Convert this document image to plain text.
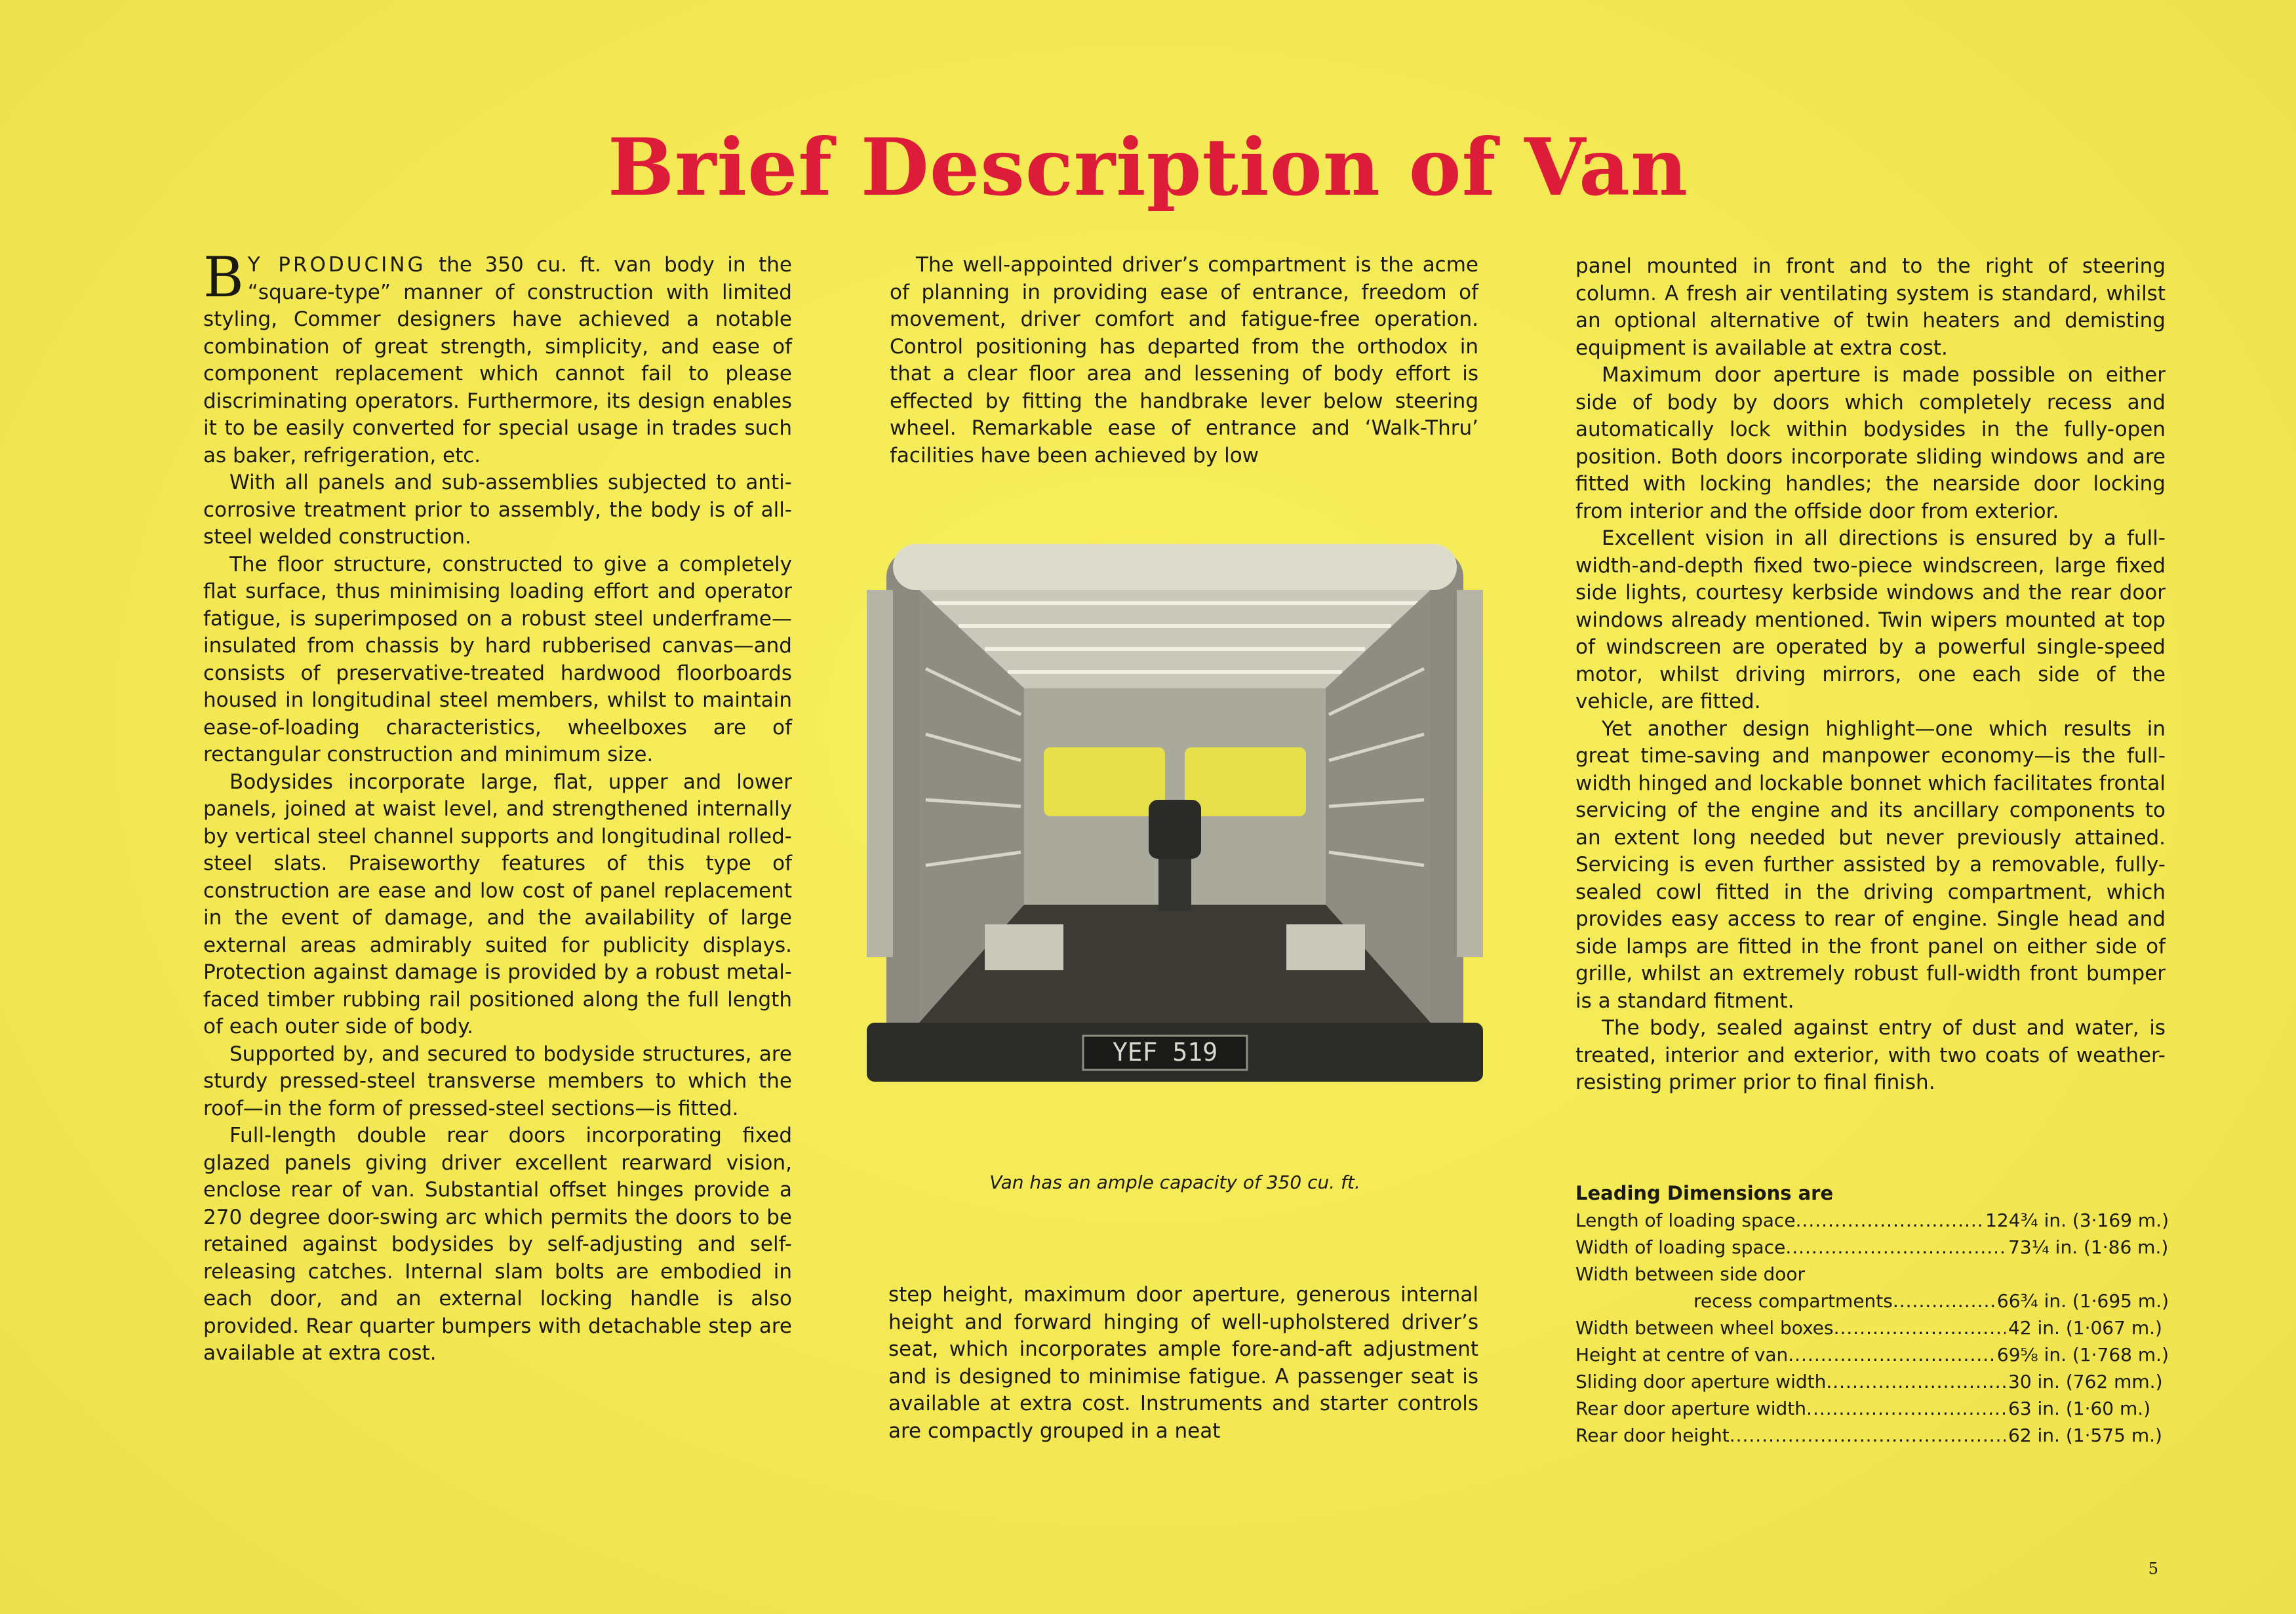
Brief Description of Van

B Y PRODUCING the 350 cu. ft. van body in the “square-type” manner of construction with limited styling, Commer designers have achieved a notable combination of great strength, simplicity, and ease of component replacement which cannot fail to please discriminating operators. Furthermore, its design enables it to be easily converted for special usage in trades such as baker, refrigeration, etc.

With all panels and sub-assemblies subjected to anti-corrosive treatment prior to assembly, the body is of all-steel welded construction.

The floor structure, constructed to give a completely flat surface, thus minimising loading effort and operator fatigue, is superimposed on a robust steel underframe—insulated from chassis by hard rubberised canvas—and consists of preservative-treated hardwood floorboards housed in longitudinal steel members, whilst to maintain ease-of-loading characteristics, wheelboxes are of rectangular construction and minimum size.

Bodysides incorporate large, flat, upper and lower panels, joined at waist level, and strengthened internally by vertical steel channel supports and longitudinal rolled-steel slats. Praiseworthy features of this type of construction are ease and low cost of panel replacement in the event of damage, and the availability of large external areas admirably suited for publicity displays. Protection against damage is provided by a robust metal-faced timber rubbing rail positioned along the full length of each outer side of body.

Supported by, and secured to bodyside structures, are sturdy pressed-steel transverse members to which the roof—in the form of pressed-steel sections—is fitted.

Full-length double rear doors incorporating fixed glazed panels giving driver excellent rearward vision, enclose rear of van. Substantial offset hinges provide a 270 degree door-swing arc which permits the doors to be retained against bodysides by self-adjusting and self-releasing catches. Internal slam bolts are embodied in each door, and an external locking handle is also provided. Rear quarter bumpers with detachable step are available at extra cost.

The well-appointed driver’s compartment is the acme of planning in providing ease of entrance, freedom of movement, driver comfort and fatigue-free operation. Control positioning has departed from the orthodox in that a clear floor area and lessening of body effort is effected by fitting the handbrake lever below steering wheel. Remarkable ease of entrance and ‘Walk-Thru’ facilities have been achieved by low

YEF 519
Van has an ample capacity of 350 cu. ft.

step height, maximum door aperture, generous internal height and forward hinging of well-upholstered driver’s seat, which incorporates ample fore-and-aft adjustment and is designed to minimise fatigue. A passenger seat is available at extra cost. Instruments and starter controls are compactly grouped in a neat

panel mounted in front and to the right of steering column. A fresh air ventilating system is standard, whilst an optional alternative of twin heaters and demisting equipment is available at extra cost.

Maximum door aperture is made possible on either side of body by doors which completely recess and automatically lock within bodysides in the fully-open position. Both doors incorporate sliding windows and are fitted with locking handles; the nearside door locking from interior and the offside door from exterior.

Excellent vision in all directions is ensured by a full-width-and-depth fixed two-piece windscreen, large fixed side lights, courtesy kerbside windows and the rear door windows already mentioned. Twin wipers mounted at top of windscreen are operated by a powerful single-speed motor, whilst driving mirrors, one each side of the vehicle, are fitted.

Yet another design highlight—one which results in great time-saving and manpower economy—is the full-width hinged and lockable bonnet which facilitates frontal servicing of the engine and its ancillary components to an extent long needed but never previously attained. Servicing is even further assisted by a removable, fully-sealed cowl fitted in the driving compartment, which provides easy access to rear of engine. Single head and side lamps are fitted in the front panel on either side of grille, whilst an extremely robust full-width front bumper is a standard fitment.

The body, sealed against entry of dust and water, is treated, interior and exterior, with two coats of weather-resisting primer prior to final finish.

Leading Dimensions are
Length of loading space .....	124¾ in. (3·169 m.)
Width of loading space .....	73¼ in. (1·86 m.)
Width between side door
recess compartments .....	66¾ in. (1·695 m.)
Width between wheel boxes .....	42 in. (1·067 m.)
Height at centre of van .....	69⅝ in. (1·768 m.)
Sliding door aperture width .....	30 in. (762 mm.)
Rear door aperture width .....	63 in. (1·60 m.)
Rear door height .....	62 in. (1·575 m.)
5
